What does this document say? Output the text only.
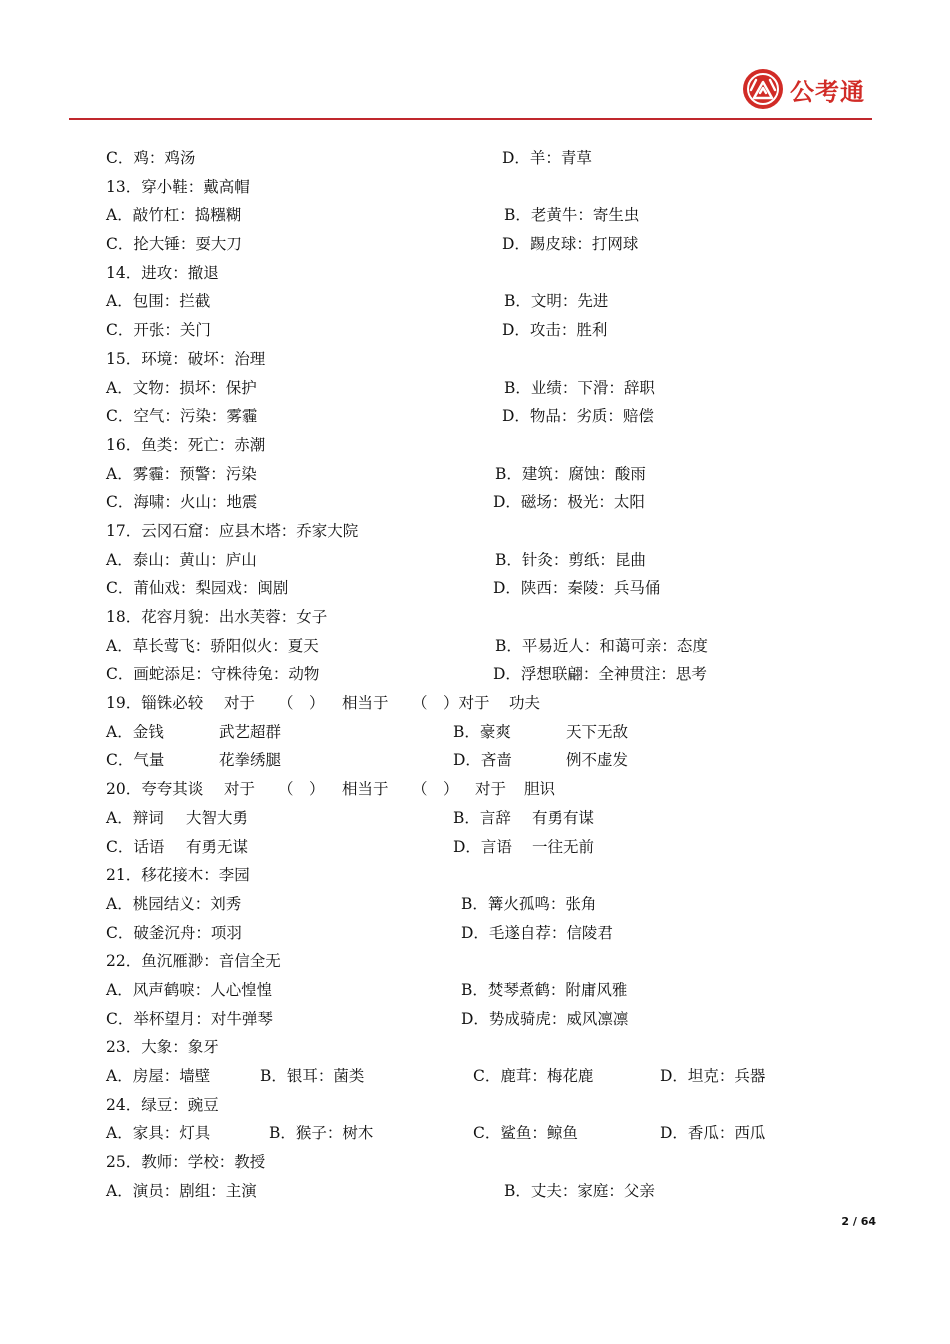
公考通
C．鸡：鸡汤	D．羊：青草
13．穿小鞋：戴高帽
A．敲竹杠：捣糨糊	B．老黄牛：寄生虫
C．抡大锤：耍大刀	D．踢皮球：打网球
14．进攻：撤退
A．包围：拦截	B．文明：先进
C．开张：关门	D．攻击：胜利
15．环境：破坏：治理
A．文物：损坏：保护	B．业绩：下滑：辞职
C．空气：污染：雾霾	D．物品：劣质：赔偿
16．鱼类：死亡：赤潮
A．雾霾：预警：污染	B．建筑：腐蚀：酸雨
C．海啸：火山：地震	D．磁场：极光：太阳
17．云冈石窟：应县木塔：乔家大院
A．泰山：黄山：庐山	B．针灸：剪纸：昆曲
C．莆仙戏：梨园戏：闽剧	D．陕西：秦陵：兵马俑
18．花容月貌：出水芙蓉：女子
A．草长莺飞：骄阳似火：夏天	B．平易近人：和蔼可亲：态度
C．画蛇添足：守株待兔：动物	D．浮想联翩：全神贯注：思考
19．锱铢必较 对于 （　） 相当于 （　）对于 功夫
A．金钱	武艺超群	B．豪爽	天下无敌
C．气量	花拳绣腿	D．吝啬	例不虚发
20．夸夸其谈 对于 （　） 相当于 （　） 对于 胆识
A．辩词 大智大勇	B．言辞 有勇有谋
C．话语 有勇无谋	D．言语 一往无前
21．移花接木：李园
A．桃园结义：刘秀	B．篝火孤鸣：张角
C．破釜沉舟：项羽	D．毛遂自荐：信陵君
22．鱼沉雁渺：音信全无
A．风声鹤唳：人心惶惶	B．焚琴煮鹤：附庸风雅
C．举杯望月：对牛弹琴	D．势成骑虎：威风凛凛
23．大象：象牙
A．房屋：墙壁	B．银耳：菌类	C．鹿茸：梅花鹿	D．坦克：兵器
24．绿豆：豌豆
A．家具：灯具	B．猴子：树木	C．鲨鱼：鲸鱼	D．香瓜：西瓜
25．教师：学校：教授
A．演员：剧组：主演	B．丈夫：家庭：父亲
2 / 64
